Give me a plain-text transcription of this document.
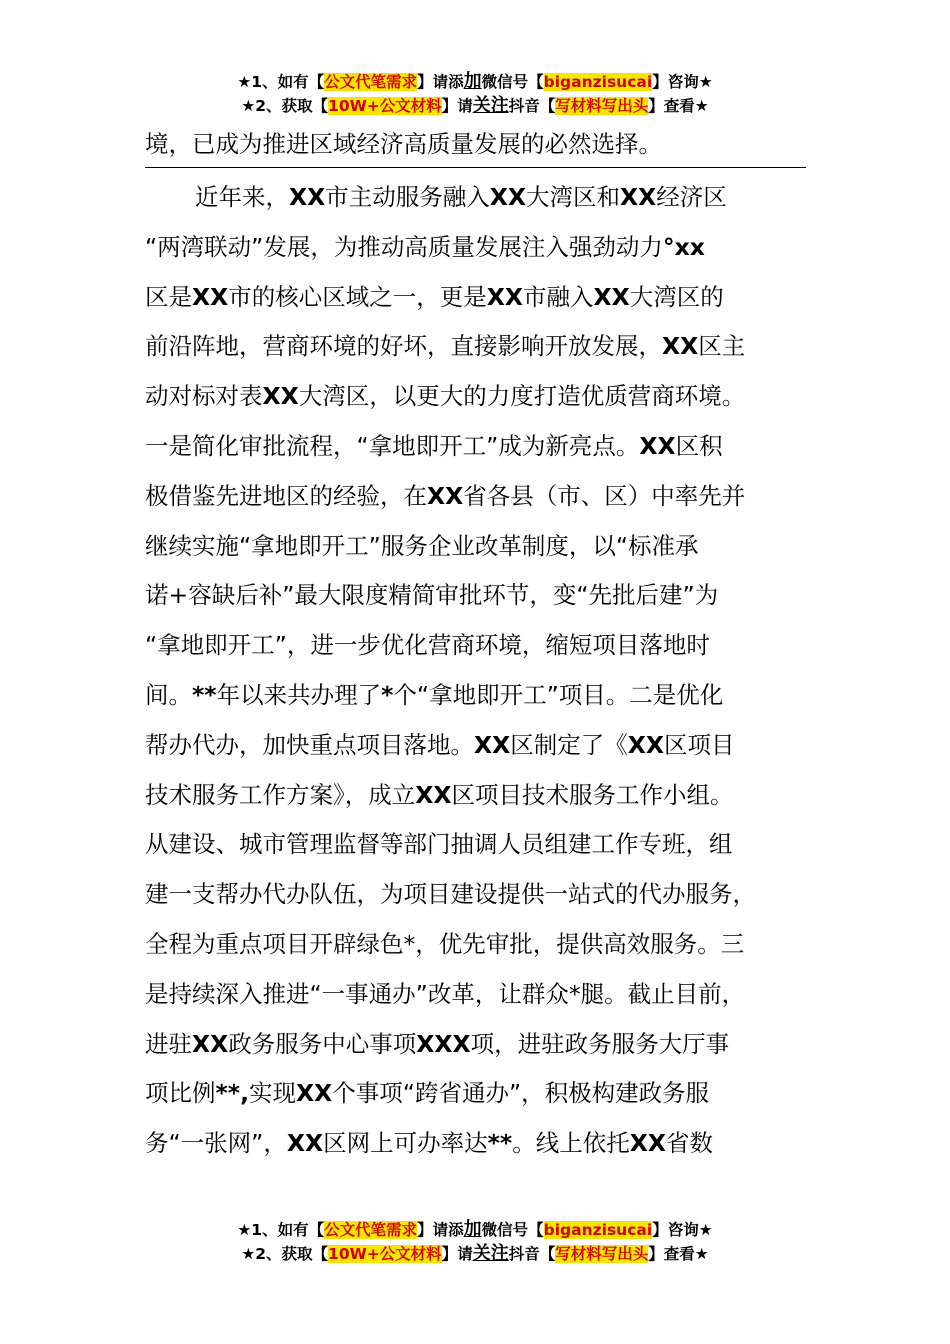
★1、如有【公文代笔需求】请添加微信号【biganzisucai】咨询★
★2、获取【10W+公文材料】请关注抖音【写材料写出头】查看★
境，已成为推进区域经济高质量发展的必然选择。
近年来，XX市主动服务融入XX大湾区和XX经济区
“两湾联动”发展，为推动高质量发展注入强劲动力°xx
区是XX市的核心区域之一，更是XX市融入XX大湾区的
前沿阵地，营商环境的好坏，直接影响开放发展，XX区主
动对标对表XX大湾区，以更大的力度打造优质营商环境。
一是简化审批流程，“拿地即开工”成为新亮点。XX区积
极借鉴先进地区的经验，在XX省各县（市、区）中率先并
继续实施“拿地即开工”服务企业改革制度，以“标准承
诺+容缺后补”最大限度精简审批环节，变“先批后建”为
“拿地即开工”，进一步优化营商环境，缩短项目落地时
间。**年以来共办理了*个“拿地即开工”项目。二是优化
帮办代办，加快重点项目落地。XX区制定了《XX区项目
技术服务工作方案》，成立XX区项目技术服务工作小组。
从建设、城市管理监督等部门抽调人员组建工作专班，组
建一支帮办代办队伍，为项目建设提供一站式的代办服务，
全程为重点项目开辟绿色*，优先审批，提供高效服务。三
是持续深入推进“一事通办”改革，让群众*腿。截止目前，
进驻XX政务服务中心事项XXX项，进驻政务服务大厅事
项比例**,实现XX个事项“跨省通办”，积极构建政务服
务“一张网”，XX区网上可办率达**。线上依托XX省数
★1、如有【公文代笔需求】请添加微信号【biganzisucai】咨询★
★2、获取【10W+公文材料】请关注抖音【写材料写出头】查看★
